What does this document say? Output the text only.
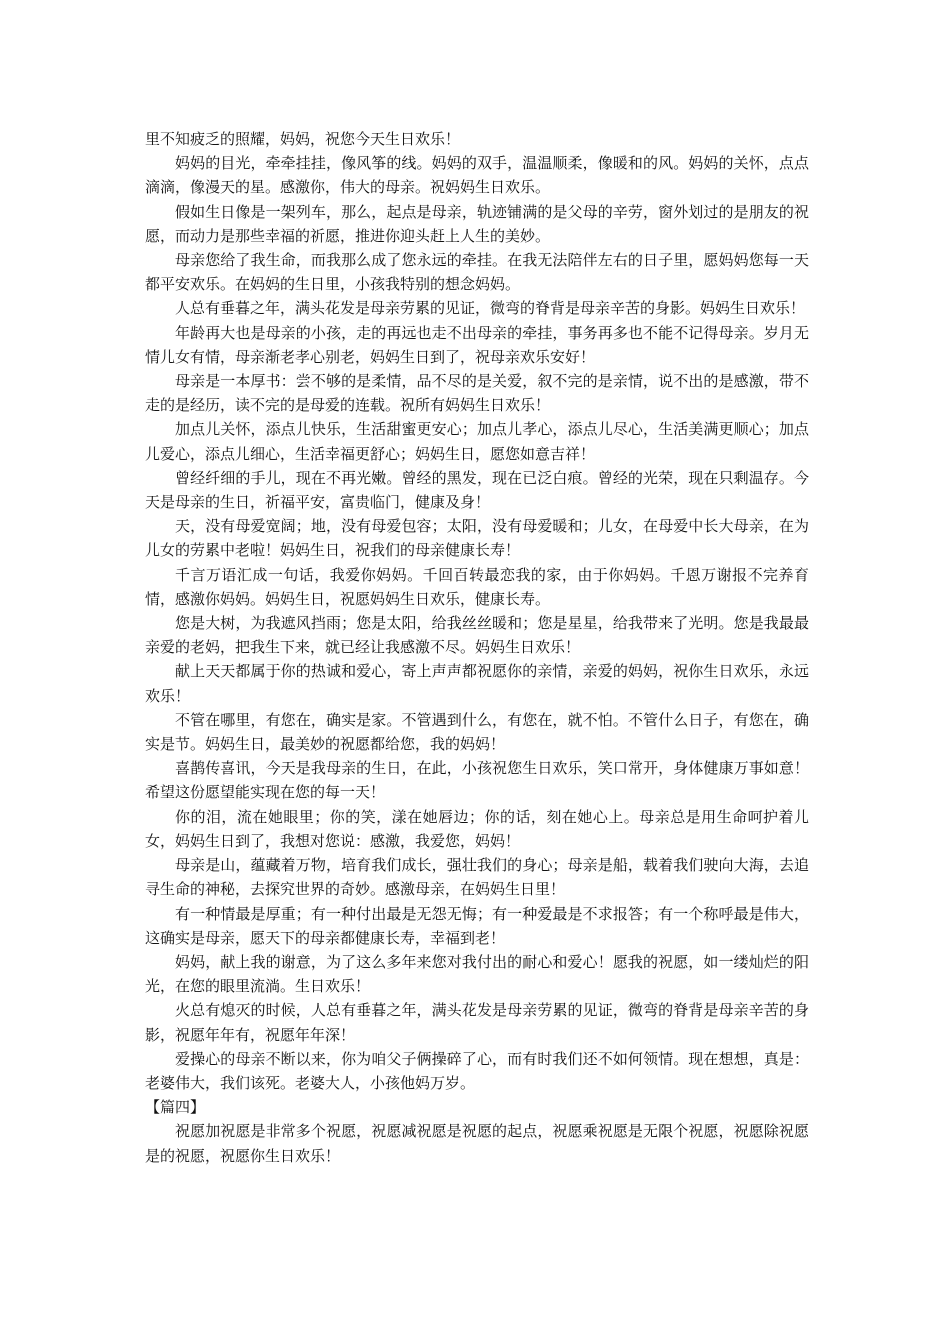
里不知疲乏的照耀，妈妈，祝您今天生日欢乐！

妈妈的目光，牵牵挂挂，像风筝的线。妈妈的双手，温温顺柔，像暖和的风。妈妈的关怀，点点滴滴，像漫天的星。感激你，伟大的母亲。祝妈妈生日欢乐。

假如生日像是一架列车，那么，起点是母亲，轨迹铺满的是父母的辛劳，窗外划过的是朋友的祝愿，而动力是那些幸福的祈愿，推进你迎头赶上人生的美妙。

母亲您给了我生命，而我那么成了您永远的牵挂。在我无法陪伴左右的日子里，愿妈妈您每一天都平安欢乐。在妈妈的生日里，小孩我特别的想念妈妈。

人总有垂暮之年，满头花发是母亲劳累的见证，微弯的脊背是母亲辛苦的身影。妈妈生日欢乐！

年龄再大也是母亲的小孩，走的再远也走不出母亲的牵挂，事务再多也不能不记得母亲。岁月无情儿女有情，母亲渐老孝心别老，妈妈生日到了，祝母亲欢乐安好！

母亲是一本厚书：尝不够的是柔情，品不尽的是关爱，叙不完的是亲情，说不出的是感激，带不走的是经历，读不完的是母爱的连载。祝所有妈妈生日欢乐！

加点儿关怀，添点儿快乐，生活甜蜜更安心；加点儿孝心，添点儿尽心，生活美满更顺心；加点儿爱心，添点儿细心，生活幸福更舒心；妈妈生日，愿您如意吉祥！

曾经纤细的手儿，现在不再光嫩。曾经的黑发，现在已泛白痕。曾经的光荣，现在只剩温存。今天是母亲的生日，祈福平安，富贵临门，健康及身！

天，没有母爱宽阔；地，没有母爱包容；太阳，没有母爱暖和；儿女，在母爱中长大母亲，在为儿女的劳累中老啦！妈妈生日，祝我们的母亲健康长寿！

千言万语汇成一句话，我爱你妈妈。千回百转最恋我的家，由于你妈妈。千恩万谢报不完养育情，感激你妈妈。妈妈生日，祝愿妈妈生日欢乐，健康长寿。

您是大树，为我遮风挡雨；您是太阳，给我丝丝暖和；您是星星，给我带来了光明。您是我最最亲爱的老妈，把我生下来，就已经让我感激不尽。妈妈生日欢乐！

献上天天都属于你的热诚和爱心，寄上声声都祝愿你的亲情，亲爱的妈妈，祝你生日欢乐，永远欢乐！

不管在哪里，有您在，确实是家。不管遇到什么，有您在，就不怕。不管什么日子，有您在，确实是节。妈妈生日，最美妙的祝愿都给您，我的妈妈！

喜鹊传喜讯，今天是我母亲的生日，在此，小孩祝您生日欢乐，笑口常开，身体健康万事如意！希望这份愿望能实现在您的每一天！

你的泪，流在她眼里；你的笑，漾在她唇边；你的话，刻在她心上。母亲总是用生命呵护着儿女，妈妈生日到了，我想对您说：感激，我爱您，妈妈！

母亲是山，蕴藏着万物，培育我们成长，强壮我们的身心；母亲是船，载着我们驶向大海，去追寻生命的神秘，去探究世界的奇妙。感激母亲，在妈妈生日里！

有一种情最是厚重；有一种付出最是无怨无悔；有一种爱最是不求报答；有一个称呼最是伟大，这确实是母亲，愿天下的母亲都健康长寿，幸福到老！

妈妈，献上我的谢意，为了这么多年来您对我付出的耐心和爱心！愿我的祝愿，如一缕灿烂的阳光，在您的眼里流淌。生日欢乐！

火总有熄灭的时候，人总有垂暮之年，满头花发是母亲劳累的见证，微弯的脊背是母亲辛苦的身影，祝愿年年有，祝愿年年深！

爱操心的母亲不断以来，你为咱父子俩操碎了心，而有时我们还不如何领情。现在想想，真是：老婆伟大，我们该死。老婆大人，小孩他妈万岁。

【篇四】

祝愿加祝愿是非常多个祝愿，祝愿减祝愿是祝愿的起点，祝愿乘祝愿是无限个祝愿，祝愿除祝愿是的祝愿，祝愿你生日欢乐！
